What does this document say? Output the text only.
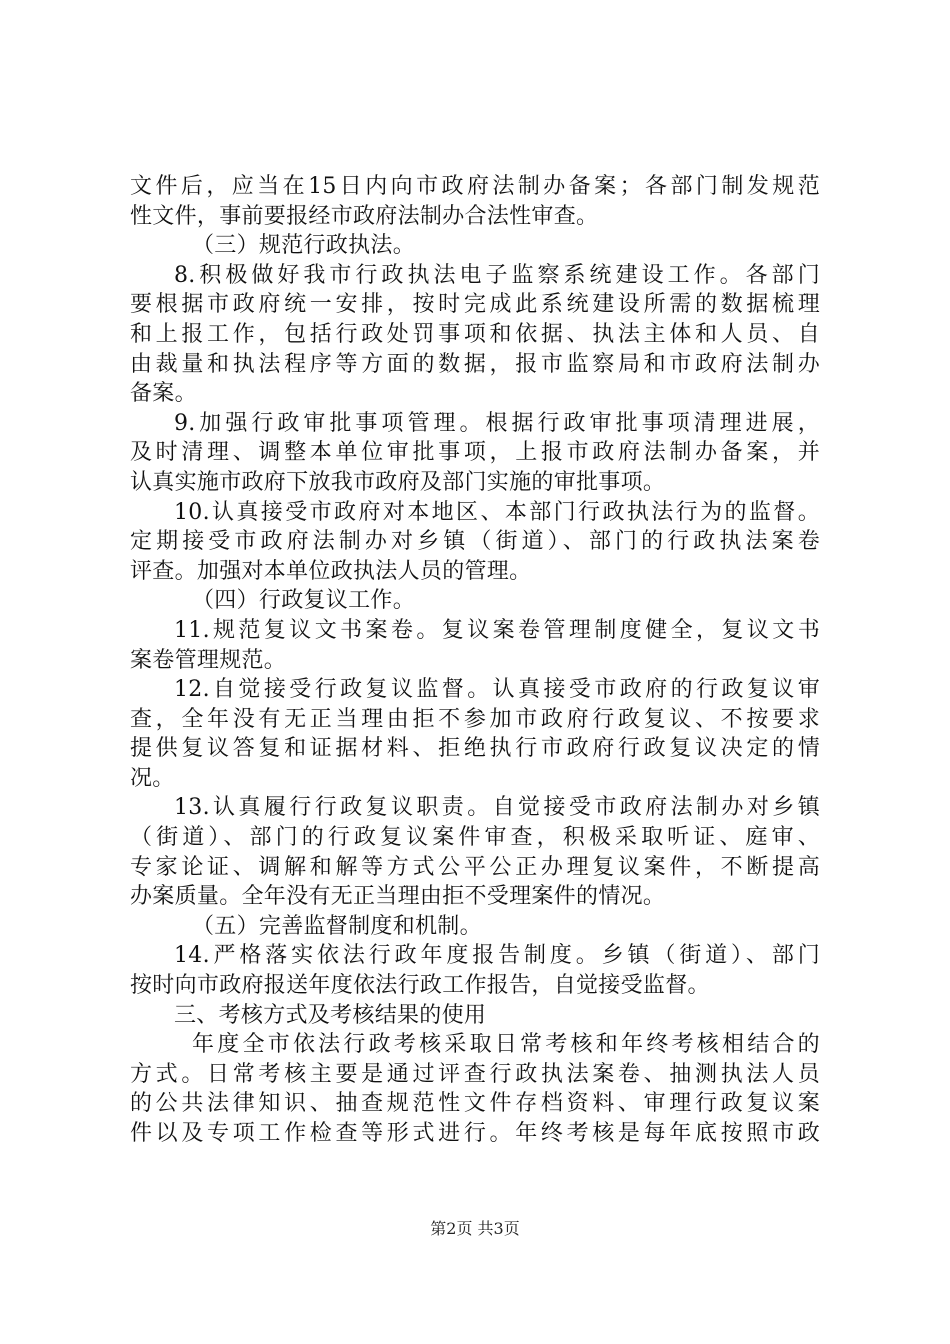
文件后，应当在15日内向市政府法制办备案；各部门制发规范
性文件，事前要报经市政府法制办合法性审查。
（三）规范行政执法。
8.积极做好我市行政执法电子监察系统建设工作。各部门
要根据市政府统一安排，按时完成此系统建设所需的数据梳理
和上报工作，包括行政处罚事项和依据、执法主体和人员、自
由裁量和执法程序等方面的数据，报市监察局和市政府法制办
备案。
9.加强行政审批事项管理。根据行政审批事项清理进展，
及时清理、调整本单位审批事项，上报市政府法制办备案，并
认真实施市政府下放我市政府及部门实施的审批事项。
10.认真接受市政府对本地区、本部门行政执法行为的监督。
定期接受市政府法制办对乡镇（街道）、部门的行政执法案卷
评查。加强对本单位政执法人员的管理。
（四）行政复议工作。
11.规范复议文书案卷。复议案卷管理制度健全，复议文书
案卷管理规范。
12.自觉接受行政复议监督。认真接受市政府的行政复议审
查，全年没有无正当理由拒不参加市政府行政复议、不按要求
提供复议答复和证据材料、拒绝执行市政府行政复议决定的情
况。
13.认真履行行政复议职责。自觉接受市政府法制办对乡镇
（街道）、部门的行政复议案件审查，积极采取听证、庭审、
专家论证、调解和解等方式公平公正办理复议案件，不断提高
办案质量。全年没有无正当理由拒不受理案件的情况。
（五）完善监督制度和机制。
14.严格落实依法行政年度报告制度。乡镇（街道）、部门
按时向市政府报送年度依法行政工作报告，自觉接受监督。
三、考核方式及考核结果的使用
年度全市依法行政考核采取日常考核和年终考核相结合的
方式。日常考核主要是通过评查行政执法案卷、抽测执法人员
的公共法律知识、抽查规范性文件存档资料、审理行政复议案
件以及专项工作检查等形式进行。年终考核是每年底按照市政
第2页 共3页
